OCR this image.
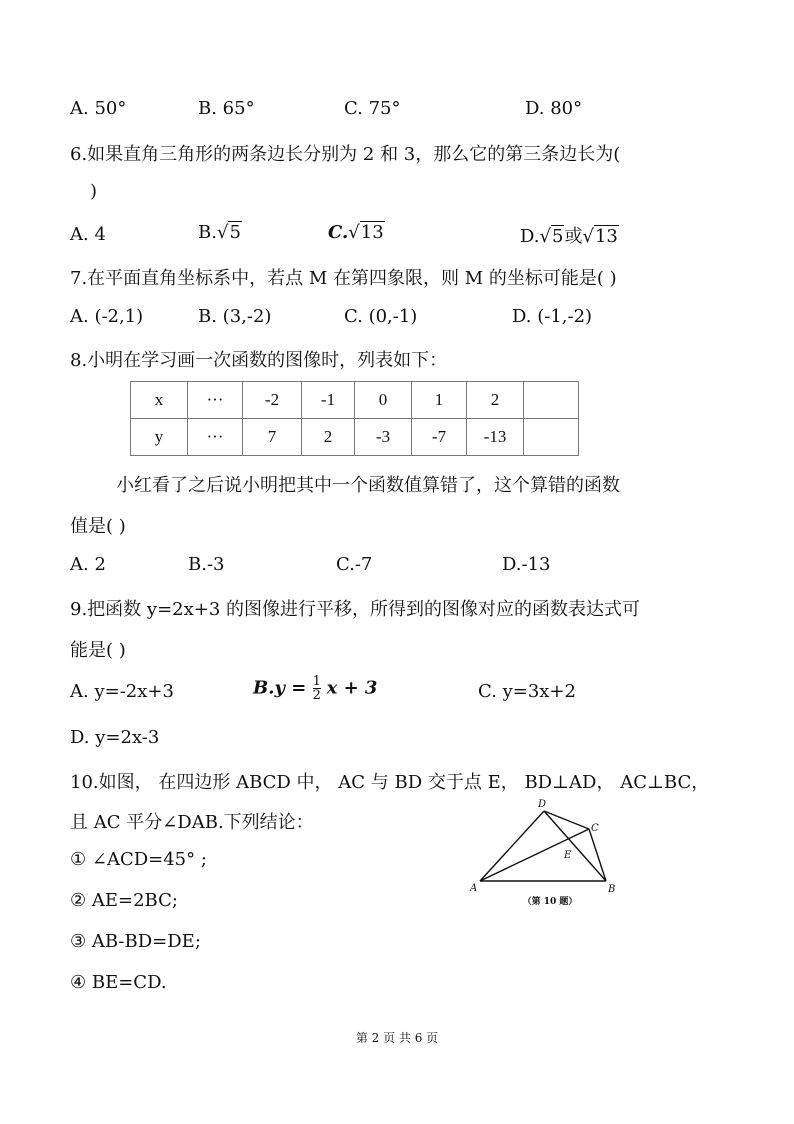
A. 50°	B. 65°	C. 75°	D. 80°
6.如果直角三角形的两条边长分别为 2 和 3，那么它的第三条边长为(
)
A. 4	B.√5	C.√13	D.√5或√13
7.在平面直角坐标系中，若点 M 在第四象限，则 M 的坐标可能是( )
A. (-2,1)	B. (3,-2)	C. (0,-1)	D. (-1,-2)
8.小明在学习画一次函数的图像时，列表如下：
x	···	-2	-1	0	1	2	
y	···	7	2	-3	-7	-13	
小红看了之后说小明把其中一个函数值算错了，这个算错的函数
值是( )
A. 2	B.-3	C.-7	D.-13
9.把函数 y=2x+3 的图像进行平移，所得到的图像对应的函数表达式可
能是( )
A. y=-2x+3	$B.y = \frac{1}{2}$ x + 3	C. y=3x+2
D. y=2x-3
10.如图， 在四边形 ABCD 中， AC 与 BD 交于点 E， BD⊥AD， AC⊥BC，
且 AC 平分∠DAB.下列结论：
① ∠ACD=45° ;
② AE=2BC;
③ AB-BD=DE;
④ BE=CD.
A	B
C
D
E
（第 10 题）
第 2 页 共 6 页
